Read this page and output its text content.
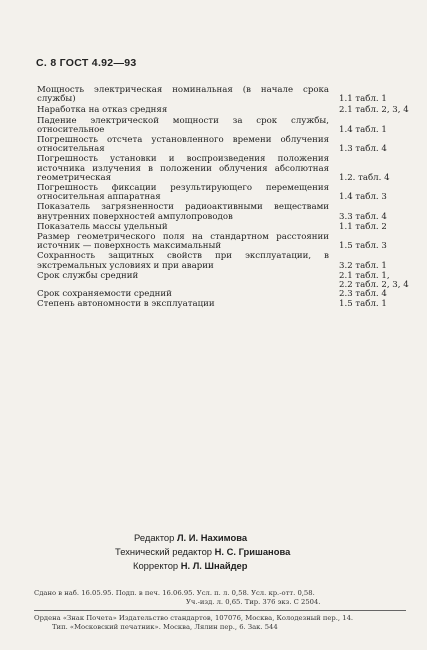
С. 8 ГОСТ 4.92—93
Мощность электрическая номинальная (в начале срока службы)	1.1 табл. 1
Наработка на отказ средняя	2.1 табл. 2, 3, 4
Падение электрической мощности за срок службы, относительное	1.4 табл. 1
Погрешность отсчета установленного времени облучения относительная	1.3 табл. 4
Погрешность установки и воспроизведения положения источника излучения в положении облучения абсолютная геометрическая	1.2. табл. 4
Погрешность фиксации результирующего перемещения относительная аппаратная	1.4 табл. 3
Показатель загрязненности радиоактивными веществами внутренних поверхностей ампулопроводов	3.3 табл. 4
Показатель массы удельный	1.1 табл. 2
Размер геометрического поля на стандартном расстоянии источник — поверхность максимальный	1.5 табл. 3
Сохранность защитных свойств при эксплуатации, в экстремальных условиях и при аварии	3.2 табл. 1
Срок службы средний	2.1 табл. 1,
2.2 табл. 2, 3, 4
Срок сохраняемости средний	2.3 табл. 4
Степень автономности в эксплуатации	1.5 табл. 1
Редактор Л. И. Нахимова
Технический редактор Н. С. Гришанова
Корректор Н. Л. Шнайдер
Сдано в наб. 16.05.95. Подп. в печ. 16.06.95. Усл. п. л. 0,58. Усл. кр.-отт. 0,58.
Уч.-изд. л. 0,65. Тир. 376 экз. С 2504.
Ордена «Знак Почета» Издательство стандартов, 107076, Москва, Колодезный пер., 14.
Тип. «Московский печатник». Москва, Лялин пер., 6. Зак. 544
